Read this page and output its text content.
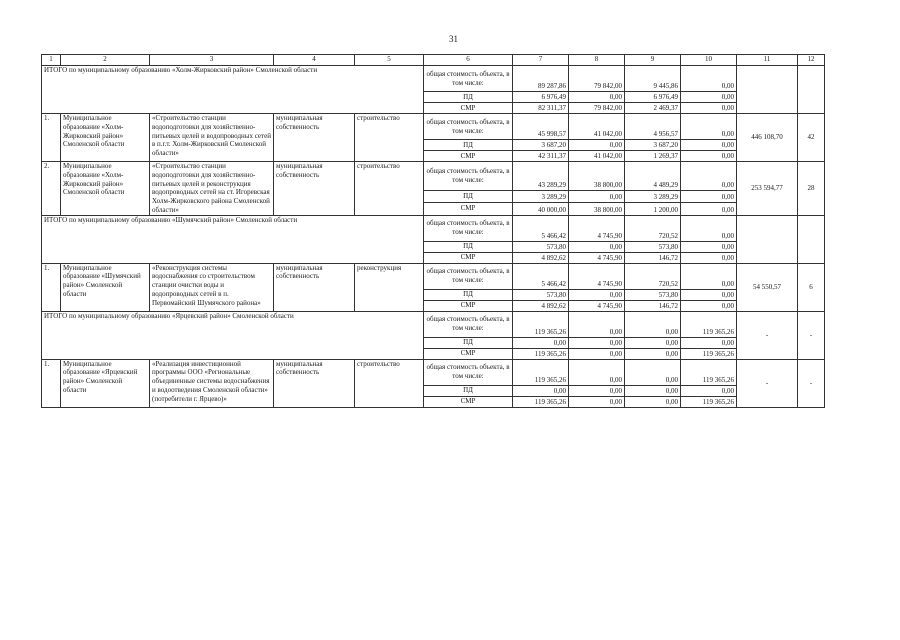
31
1	2	3	4	5	6	7	8	9	10	11	12
ИТОГО по муниципальному образованию «Холм-Жирковский район» Смоленской области					общая стоимость объекта, в том числе:	89 287,86	79 842,00	9 445,86	0,00		
					ПД	6 976,49	0,00	6 976,49	0,00		
					СМР	82 311,37	79 842,00	2 469,37	0,00		
1.	Муниципальное образование «Холм-Жирковский район» Смоленской области	«Строительство станции водоподготовки для хозяйственно-питьевых целей и водопроводных сетей в п.г.т. Холм-Жирковский Смоленской области»	муниципальная собственность	строительство	общая стоимость объекта, в том числе:	45 998,57	41 042,00	4 956,57	0,00	446 108,70	42
					ПД	3 687,20	0,00	3 687,20	0,00		
					СМР	42 311,37	41 042,00	1 269,37	0,00		
2.	Муниципальное образование «Холм-Жирковский район» Смоленской области	«Строительство станции водоподготовки для хозяйственно-питьевых целей и реконструкция водопроводных сетей на ст. Игоревская Холм-Жирковского района Смоленской области»	муниципальная собственность	строительство	общая стоимость объекта, в том числе:	43 289,29	38 800,00	4 489,29	0,00	253 594,77	28
					ПД	3 289,29	0,00	3 289,29	0,00		
					СМР	40 000,00	38 800,00	1 200,00	0,00		
ИТОГО по муниципальному образованию «Шумячский район» Смоленской области					общая стоимость объекта, в том числе:	5 466,42	4 745,90	720,52	0,00		
					ПД	573,80	0,00	573,80	0,00		
					СМР	4 892,62	4 745,90	146,72	0,00		
1.	Муниципальное образование «Шумячский район» Смоленской области	«Реконструкция системы водоснабжения со строительством станции очистки воды и водопроводных сетей в п. Первомайский Шумячского района»	муниципальная собственность	реконструкция	общая стоимость объекта, в том числе:	5 466,42	4 745,90	720,52	0,00	54 550,57	6
					ПД	573,80	0,00	573,80	0,00		
					СМР	4 892,62	4 745,90	146,72	0,00		
ИТОГО по муниципальному образованию «Ярцевский район» Смоленской области					общая стоимость объекта, в том числе:	119 365,26	0,00	0,00	119 365,26	-	-
					ПД	0,00	0,00	0,00	0,00		
					СМР	119 365,26	0,00	0,00	119 365,26		
1.	Муниципальное образование «Ярцевский район» Смоленской области	«Реализация инвестиционной программы ООО «Региональные объединенные системы водоснабжения и водоотведения Смоленской области» (потребители г. Ярцево)»	муниципальная собственность	строительство	общая стоимость объекта, в том числе:	119 365,26	0,00	0,00	119 365,26	-	-
					ПД	0,00	0,00	0,00	0,00		
					СМР	119 365,26	0,00	0,00	119 365,26		
